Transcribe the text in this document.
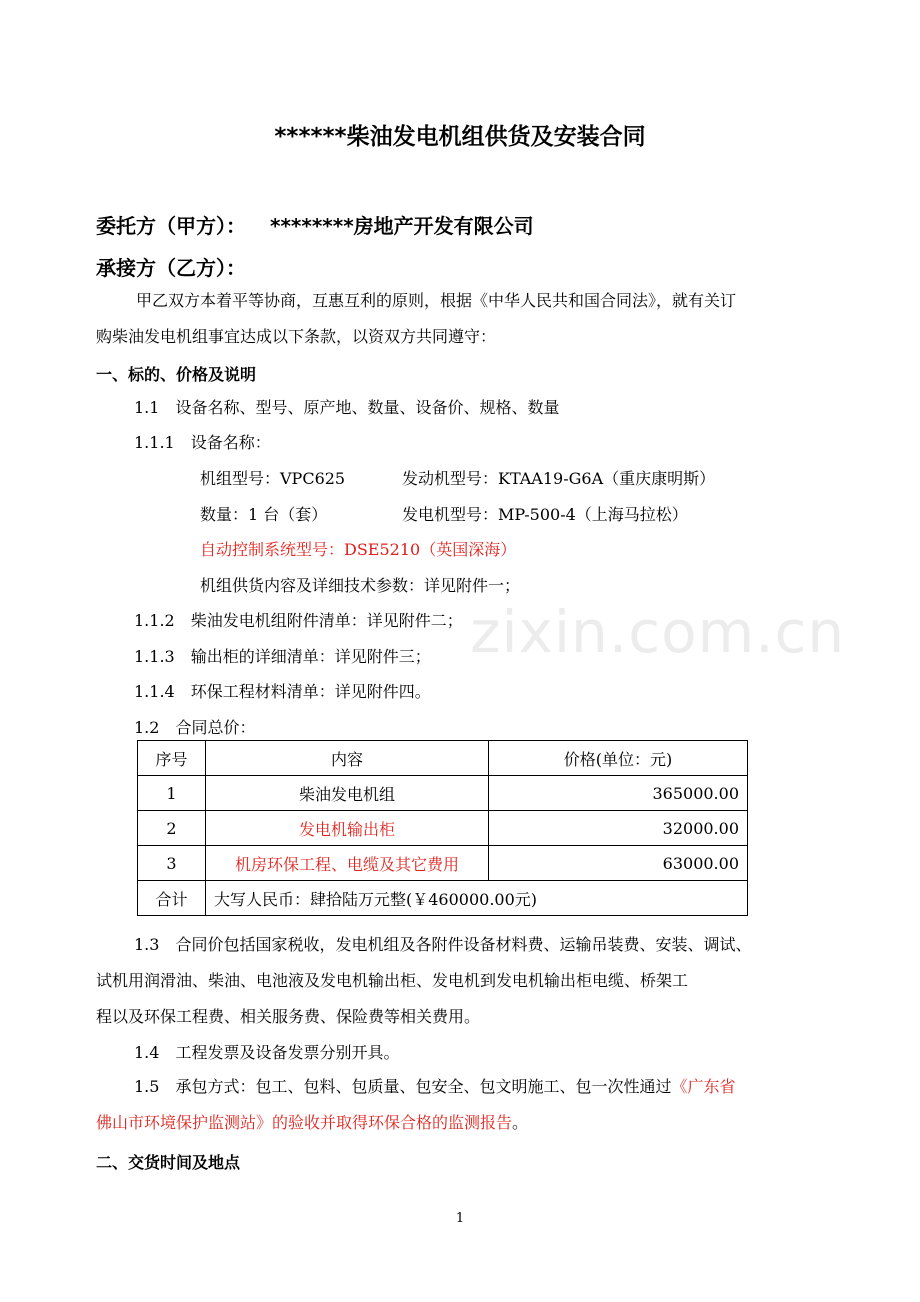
******柴油发电机组供货及安装合同
委托方（甲方）： ********房地产开发有限公司
承接方（乙方）：
甲乙双方本着平等协商，互惠互利的原则，根据《中华人民共和国合同法》，就有关订
购柴油发电机组事宜达成以下条款，以资双方共同遵守：
一、标的、价格及说明
1.1　设备名称、型号、原产地、数量、设备价、规格、数量
1.1.1　设备名称：
机组型号：VPC625	发动机型号：KTAA19-G6A（重庆康明斯）
数量：1 台（套）	发电机型号：MP-500-4（上海马拉松）
自动控制系统型号：DSE5210（英国深海）
机组供货内容及详细技术参数：详见附件一；
zixin.com.cn
1.1.2　柴油发电机组附件清单：详见附件二；
1.1.3　输出柜的详细清单：详见附件三；
1.1.4　环保工程材料清单：详见附件四。
1.2　合同总价：
序号	内容	价格(单位：元)
1	柴油发电机组	365000.00
2	发电机输出柜	32000.00
3	机房环保工程、电缆及其它费用	63000.00
合计	大写人民币：肆拾陆万元整(￥460000.00元)	
1.3　合同价包括国家税收，发电机组及各附件设备材料费、运输吊装费、安装、调试、
试机用润滑油、柴油、电池液及发电机输出柜、发电机到发电机输出柜电缆、桥架工
程以及环保工程费、相关服务费、保险费等相关费用。
1.4　工程发票及设备发票分别开具。
1.5　承包方式：包工、包料、包质量、包安全、包文明施工、包一次性通过《广东省
佛山市环境保护监测站》的验收并取得环保合格的监测报告。
二、交货时间及地点
1
